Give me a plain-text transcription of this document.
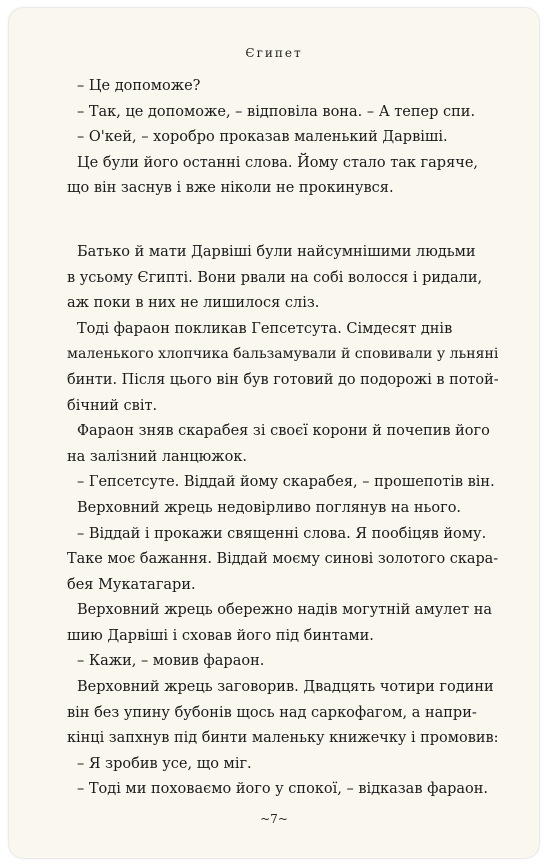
Єгипет
– Це допоможе?
– Так, це допоможе, – відповіла вона. – А тепер спи.
– О'кей, – хоробро проказав маленький Дарвіші.
Це були його останні слова. Йому стало так гаряче,
що він заснув і вже ніколи не прокинувся.
Батько й мати Дарвіші були найсумнішими людьми
в усьому Єгипті. Вони рвали на собі волосся і ридали,
аж поки в них не лишилося сліз.
Тоді фараон покликав Гепсетсута. Сімдесят днів
маленького хлопчика бальзамували й сповивали у льняні
бинти. Після цього він був готовий до подорожі в потой-
бічний світ.
Фараон зняв скарабея зі своєї корони й почепив його
на залізний ланцюжок.
– Гепсетсуте. Віддай йому скарабея, – прошепотів він.
Верховний жрець недовірливо поглянув на нього.
– Віддай і прокажи священні слова. Я пообіцяв йому.
Таке моє бажання. Віддай моєму синові золотого скара-
бея Мукатагари.
Верховний жрець обережно надів могутній амулет на
шию Дарвіші і сховав його під бинтами.
– Кажи, – мовив фараон.
Верховний жрець заговорив. Двадцять чотири години
він без упину бубонів щось над саркофагом, а напри-
кінці запхнув під бинти маленьку книжечку і промовив:
– Я зробив усе, що міг.
– Тоді ми поховаємо його у спокої, – відказав фараон.
~7~
